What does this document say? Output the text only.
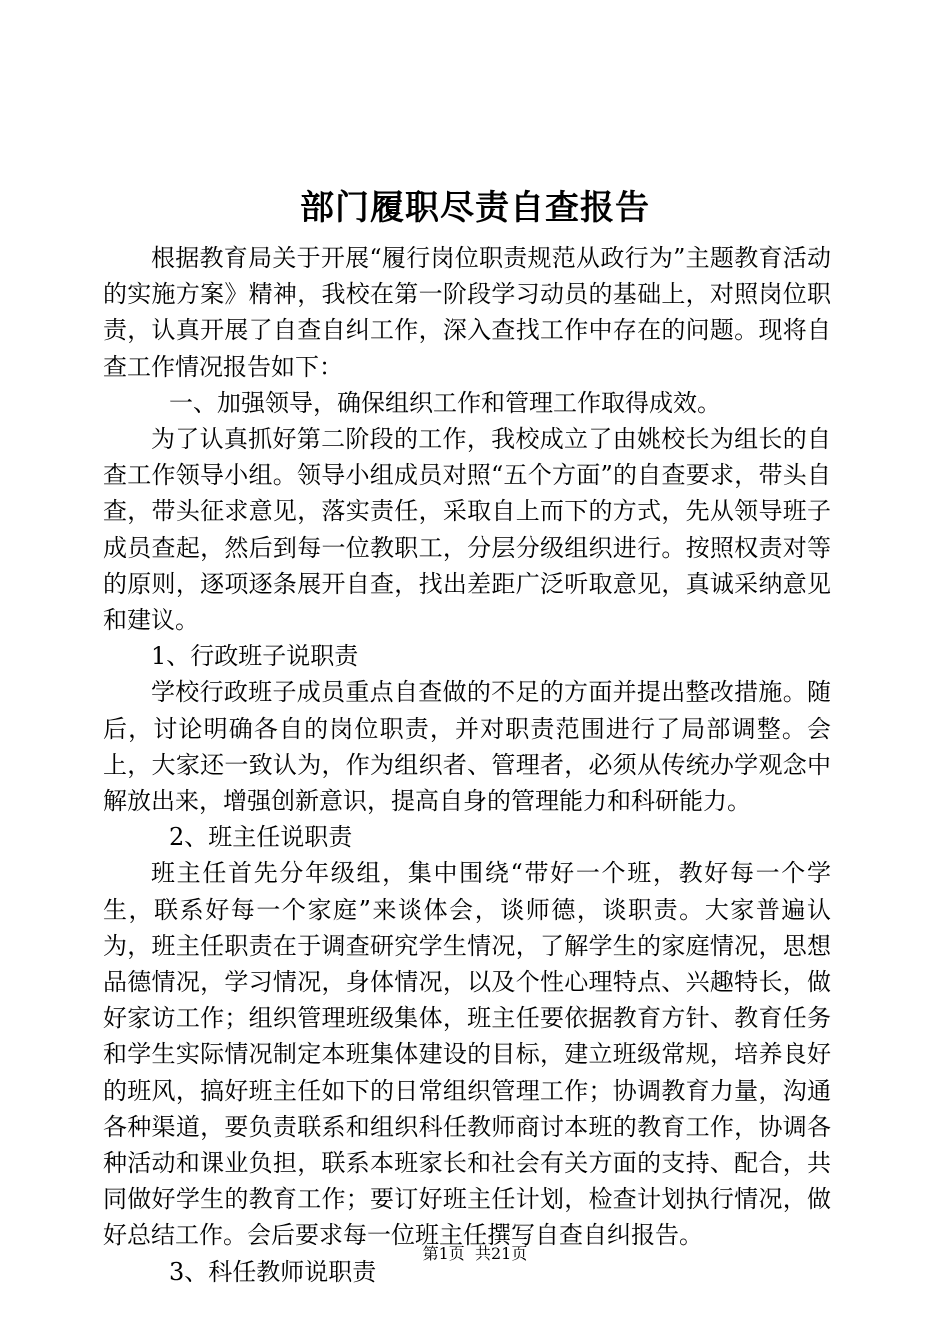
部门履职尽责自查报告

根据教育局关于开展“履行岗位职责规范从政行为”主题教育活动的实施方案》精神，我校在第一阶段学习动员的基础上，对照岗位职责，认真开展了自查自纠工作，深入查找工作中存在的问题。现将自查工作情况报告如下：

一、加强领导，确保组织工作和管理工作取得成效。

为了认真抓好第二阶段的工作，我校成立了由姚校长为组长的自查工作领导小组。领导小组成员对照“五个方面”的自查要求，带头自查，带头征求意见，落实责任，采取自上而下的方式，先从领导班子成员查起，然后到每一位教职工，分层分级组织进行。按照权责对等的原则，逐项逐条展开自查，找出差距广泛听取意见，真诚采纳意见和建议。

1、行政班子说职责

学校行政班子成员重点自查做的不足的方面并提出整改措施。随后，讨论明确各自的岗位职责，并对职责范围进行了局部调整。会上，大家还一致认为，作为组织者、管理者，必须从传统办学观念中解放出来，增强创新意识，提高自身的管理能力和科研能力。

2、班主任说职责

班主任首先分年级组，集中围绕“带好一个班，教好每一个学生，联系好每一个家庭”来谈体会，谈师德，谈职责。大家普遍认为，班主任职责在于调查研究学生情况，了解学生的家庭情况，思想品德情况，学习情况，身体情况，以及个性心理特点、兴趣特长，做好家访工作；组织管理班级集体，班主任要依据教育方针、教育任务和学生实际情况制定本班集体建设的目标，建立班级常规，培养良好的班风，搞好班主任如下的日常组织管理工作；协调教育力量，沟通各种渠道，要负责联系和组织科任教师商讨本班的教育工作，协调各种活动和课业负担，联系本班家长和社会有关方面的支持、配合，共同做好学生的教育工作；要订好班主任计划，检查计划执行情况，做好总结工作。会后要求每一位班主任撰写自查自纠报告。

3、科任教师说职责

第1页 共21页
